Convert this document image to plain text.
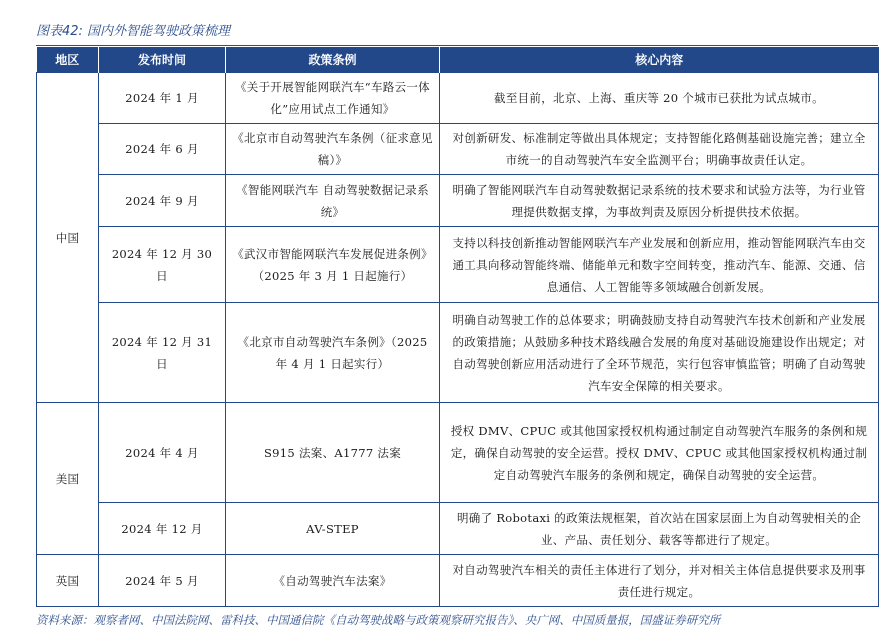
图表42: 国内外智能驾驶政策梳理
地区	发布时间	政策条例	核心内容
中国	2024 年 1 月	《关于开展智能网联汽车“车路云一体化”应用试点工作通知》	截至目前，北京、上海、重庆等 20 个城市已获批为试点城市。
	2024 年 6 月	《北京市自动驾驶汽车条例（征求意见稿）》	对创新研发、标准制定等做出具体规定；支持智能化路侧基础设施完善；建立全市统一的自动驾驶汽车安全监测平台；明确事故责任认定。
	2024 年 9 月	《智能网联汽车 自动驾驶数据记录系统》	明确了智能网联汽车自动驾驶数据记录系统的技术要求和试验方法等，为行业管理提供数据支撑，为事故判责及原因分析提供技术依据。
	2024 年 12 月 30 日	《武汉市智能网联汽车发展促进条例》（2025 年 3 月 1 日起施行）	支持以科技创新推动智能网联汽车产业发展和创新应用，推动智能网联汽车由交通工具向移动智能终端、储能单元和数字空间转变，推动汽车、能源、交通、信息通信、人工智能等多领域融合创新发展。
	2024 年 12 月 31 日	《北京市自动驾驶汽车条例》（2025 年 4 月 1 日起实行）	明确自动驾驶工作的总体要求；明确鼓励支持自动驾驶汽车技术创新和产业发展的政策措施；从鼓励多种技术路线融合发展的角度对基础设施建设作出规定；对自动驾驶创新应用活动进行了全环节规范，实行包容审慎监管；明确了自动驾驶汽车安全保障的相关要求。
美国	2024 年 4 月	S915 法案、A1777 法案	授权 DMV、CPUC 或其他国家授权机构通过制定自动驾驶汽车服务的条例和规定，确保自动驾驶的安全运营。授权 DMV、CPUC 或其他国家授权机构通过制定自动驾驶汽车服务的条例和规定，确保自动驾驶的安全运营。
	2024 年 12 月	AV-STEP	明确了 Robotaxi 的政策法规框架，首次站在国家层面上为自动驾驶相关的企业、产品、责任划分、载客等都进行了规定。
英国	2024 年 5 月	《自动驾驶汽车法案》	对自动驾驶汽车相关的责任主体进行了划分，并对相关主体信息提供要求及刑事责任进行规定。
资料来源：观察者网、中国法院网、雷科技、中国通信院《自动驾驶战略与政策观察研究报告》、央广网、中国质量报，国盛证券研究所
